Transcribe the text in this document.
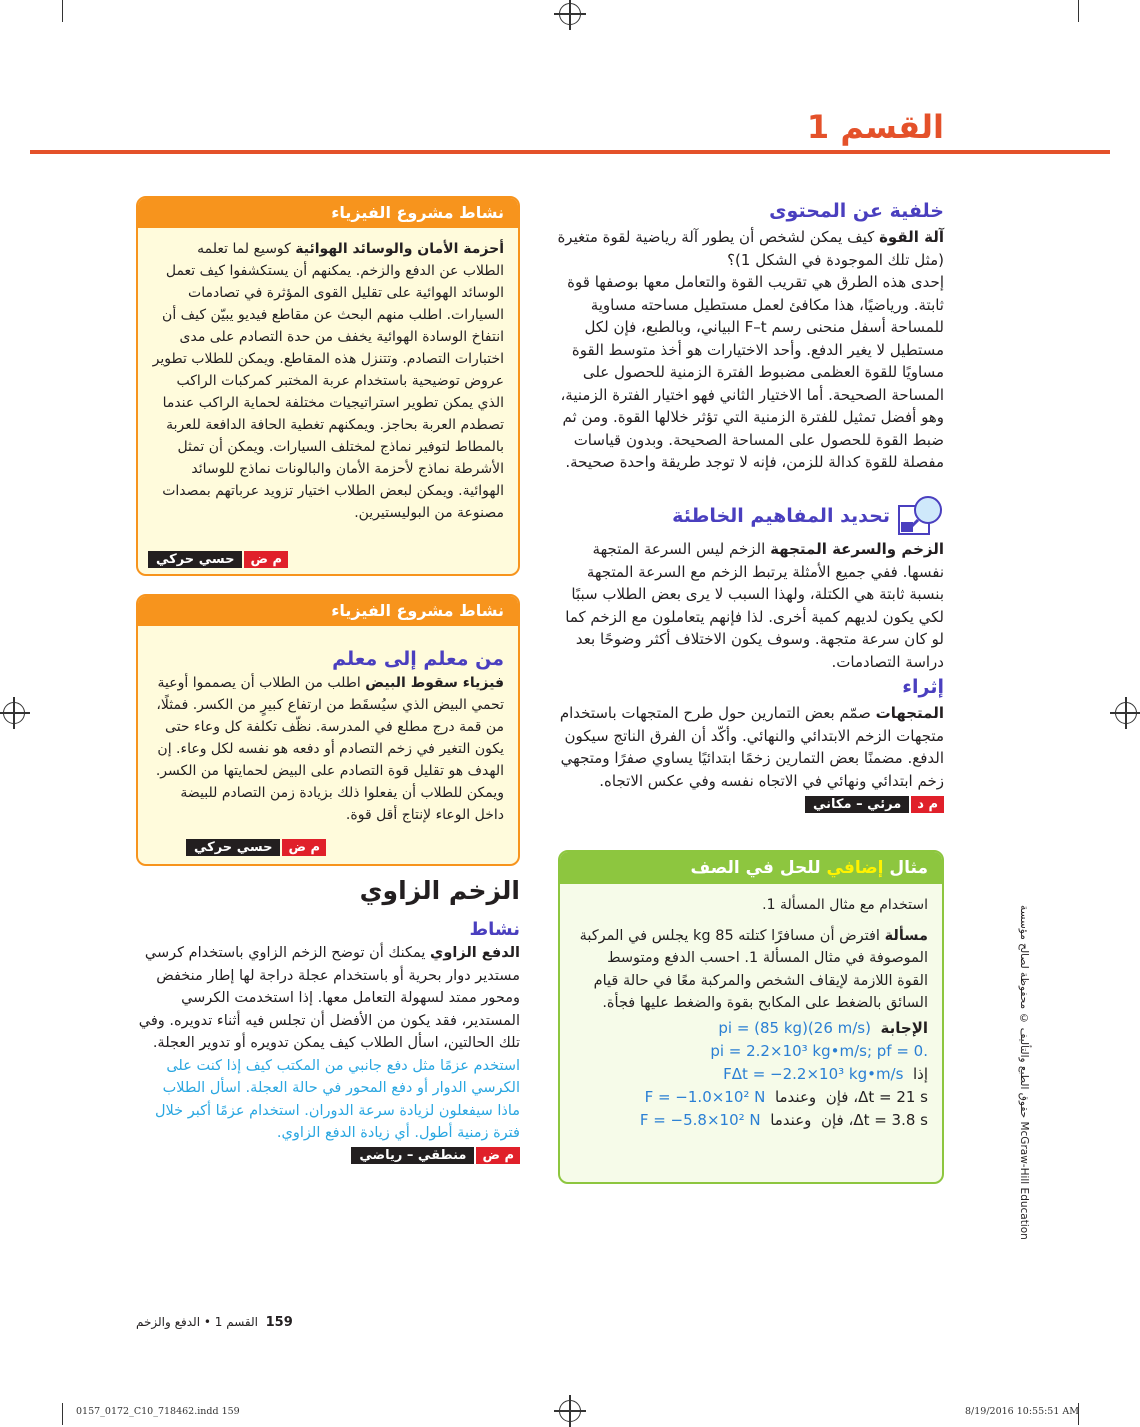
القسم 1
خلفية عن المحتوى
آلة القوة كيف يمكن لشخص أن يطور آلة رياضية لقوة متغيرة (مثل تلك الموجودة في الشكل 1)؟
إحدى هذه الطرق هي تقريب القوة والتعامل معها بوصفها قوة ثابتة. ورياضيًا، هذا مكافئ لعمل مستطيل مساحته مساوية للمساحة أسفل منحنى رسم F–t البياني، وبالطبع، فإن لكل مستطيل لا يغير الدفع. وأحد الاختيارات هو أخذ متوسط القوة مساويًا للقوة العظمى مضبوط الفترة الزمنية للحصول على المساحة الصحيحة. أما الاختيار الثاني فهو اختيار الفترة الزمنية، وهو أفضل تمثيل للفترة الزمنية التي تؤثر خلالها القوة. ومن ثم ضبط القوة للحصول على المساحة الصحيحة. وبدون قياسات مفصلة للقوة كدالة للزمن، فإنه لا توجد طريقة واحدة صحيحة.
تحديد المفاهيم الخاطئة
الزخم والسرعة المتجهة الزخم ليس السرعة المتجهة نفسها. ففي جميع الأمثلة يرتبط الزخم مع السرعة المتجهة بنسبة ثابتة هي الكتلة، ولهذا السبب لا يرى بعض الطلاب سببًا لكي يكون لديهم كمية أخرى. لذا فإنهم يتعاملون مع الزخم كما لو كان سرعة متجهة. وسوف يكون الاختلاف أكثر وضوحًا بعد دراسة التصادمات.
إثراء
المتجهات صمّم بعض التمارين حول طرح المتجهات باستخدام متجهات الزخم الابتدائي والنهائي. وأكّد أن الفرق الناتج سيكون الدفع. مضمنًا بعض التمارين زخمًا ابتدائيًا يساوي صفرًا ومتجهي زخم ابتدائي ونهائي في الاتجاه نفسه وفي عكس الاتجاه.
م د
مرئي – مكاني
مثال إضافي للحل في الصف
استخدام مع مثال المسألة 1.
مسألة افترض أن مسافرًا كتلته 85 kg يجلس في المركبة الموصوفة في مثال المسألة 1. احسب الدفع ومتوسط القوة اللازمة لإيقاف الشخص والمركبة معًا في حالة قيام السائق بالضغط على المكابح بقوة والضغط عليها فجأة.
pi = (85 kg)(26 m/s) الإجابة
pi = 2.2×10³ kg•m/s; pf = 0.
FΔt = −2.2×10³ kg•m/s إذا
F = −1.0×10² N	Δt = 21 s، فإن  وعندما
F = −5.8×10² N	Δt = 3.8 s، فإن  وعندما
نشاط مشروع الفيزياء
أحزمة الأمان والوسائد الهوائية كوسيع لما تعلمه الطلاب عن الدفع والزخم. يمكنهم أن يستكشفوا كيف تعمل الوسائد الهوائية على تقليل القوى المؤثرة في تصادمات السيارات. اطلب منهم البحث عن مقاطع فيديو يبيّن كيف أن انتفاخ الوسادة الهوائية يخفف من حدة التصادم على مدى اختبارات التصادم. وتتنزل هذه المقاطع. ويمكن للطلاب تطوير عروض توضيحية باستخدام عربة المختبر كمركبات الراكب الذي يمكن تطوير استراتيجيات مختلفة لحماية الراكب عندما تصطدم العربة بحاجز. ويمكنهم تغطية الحافة الدافعة للعربة بالمطاط لتوفير نماذج لمختلف السيارات. ويمكن أن تمثل الأشرطة نماذج لأحزمة الأمان والبالونات نماذج للوسائد الهوائية. ويمكن لبعض الطلاب اختيار تزويد عرباتهم بمصدات مصنوعة من البوليستيرين.
م ض
حسي حركي
نشاط مشروع الفيزياء
من معلم إلى معلم
فيزياء سقوط البيض اطلب من الطلاب أن يصمموا أوعية تحمي البيض الذي سيُسقَط من ارتفاع كبيرٍ من الكسر. فمثلًا، من قمة درج مطلع في المدرسة. نظّف تكلفة كل وعاء حتى يكون التغير في زخم التصادم أو دفعه هو نفسه لكل وعاء. إن الهدف هو تقليل قوة التصادم على البيض لحمايتها من الكسر. ويمكن للطلاب أن يفعلوا ذلك بزيادة زمن التصادم للبيضة داخل الوعاء لإنتاج أقل قوة.
م ض
حسي حركي
الزخم الزاوي
نشاط
الدفع الزاوي يمكنك أن توضح الزخم الزاوي باستخدام كرسي مستدير دوار بحرية أو باستخدام عجلة دراجة لها إطار منخفض ومحور ممتد لسهولة التعامل معها. إذا استخدمت الكرسي المستدير، فقد يكون من الأفضل أن تجلس فيه أثناء تدويره. وفي تلك الحالتين، اسأل الطلاب كيف يمكن تدويره أو تدوير العجلة. استخدم عزمًا مثل دفع جانبي من المكتب كيف إذا كنت على الكرسي الدوار أو دفع المحور في حالة العجلة. اسأل الطلاب ماذا سيفعلون لزيادة سرعة الدوران. استخدام عزمًا أكبر خلال فترة زمنية أطول. أي زيادة الدفع الزاوي.
م ض
منطقي – رياضي
حقوق الطبع والتأليف © محفوظة لصالح مؤسسة McGraw-Hill Education
159  القسم 1 • الدفع والزخم
0157_0172_C10_718462.indd 159	8/19/2016 10:55:51 AM
